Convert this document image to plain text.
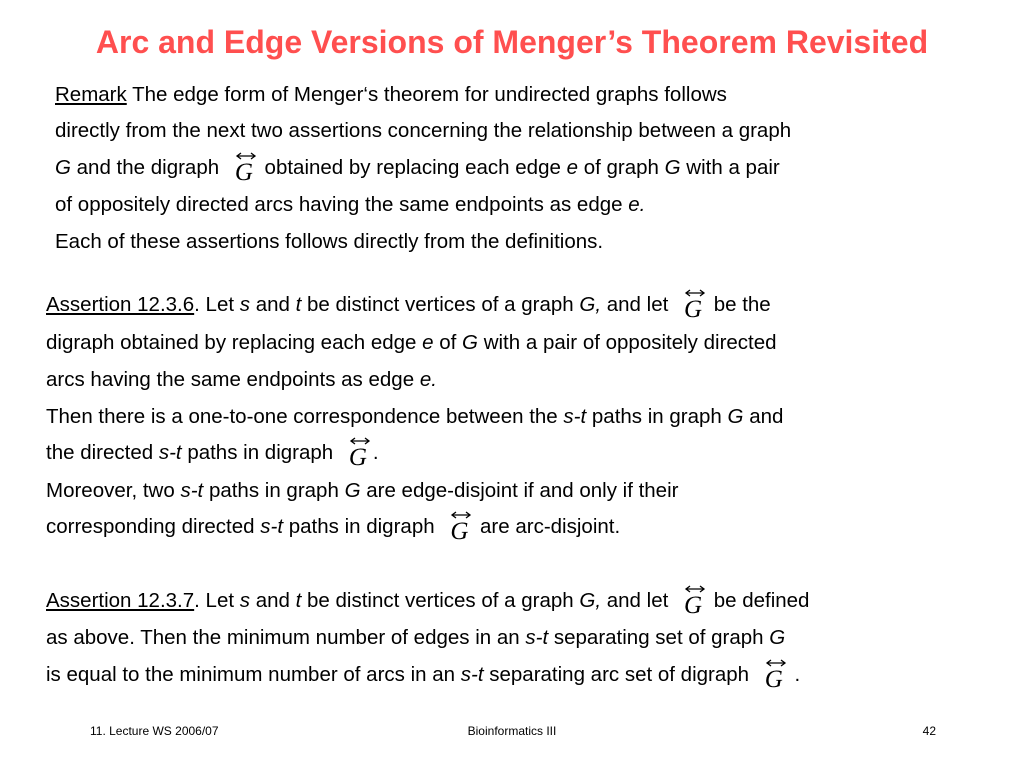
Arc and Edge Versions of Menger’s Theorem Revisited
Remark The edge form of Menger‘s theorem for undirected graphs follows
directly from the next two assertions concerning the relationship between a graph
G and the digraph G obtained by replacing each edge e of graph G with a pair
of oppositely directed arcs having the same endpoints as edge e.
Each of these assertions follows directly from the definitions.
Assertion 12.3.6. Let s and t be distinct vertices of a graph G, and let G be the
digraph obtained by replacing each edge e of G with a pair of oppositely directed
arcs having the same endpoints as edge e.
Then there is a one-to-one correspondence between the s-t paths in graph G and
the directed s-t paths in digraph G .
Moreover, two s-t paths in graph G are edge-disjoint if and only if their
corresponding directed s-t paths in digraph G are arc-disjoint.
Assertion 12.3.7. Let s and t be distinct vertices of a graph G, and let G be defined
as above. Then the minimum number of edges in an s-t separating set of graph G
is equal to the minimum number of arcs in an s-t separating arc set of digraph G .
11. Lecture WS 2006/07	Bioinformatics III	42
